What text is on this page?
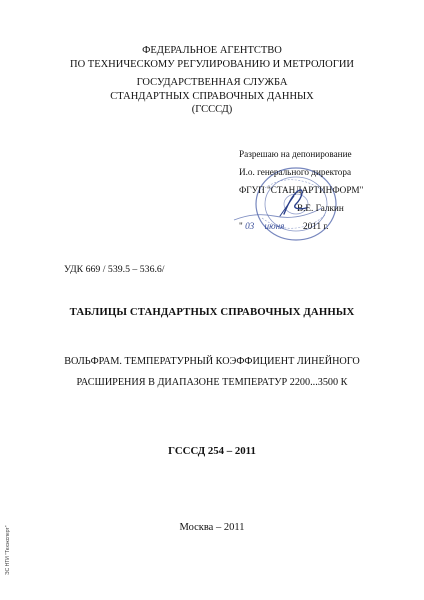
ФЕДЕРАЛЬНОЕ АГЕНТСТВО
ПО ТЕХНИЧЕСКОМУ РЕГУЛИРОВАНИЮ И МЕТРОЛОГИИ
ГОСУДАРСТВЕННАЯ СЛУЖБА
СТАНДАРТНЫХ СПРАВОЧНЫХ ДАННЫХ
(ГСССД)
Разрешаю на депонирование
И.о. генерального директора
ФГУП "СТАНДАРТИНФОРМ"
В.Е. Галкин
" 03 июня 2011 г.
УДК 669 / 539.5 – 536.6/
ТАБЛИЦЫ СТАНДАРТНЫХ СПРАВОЧНЫХ ДАННЫХ
ВОЛЬФРАМ. ТЕМПЕРАТУРНЫЙ КОЭФФИЦИЕНТ ЛИНЕЙНОГО
РАСШИРЕНИЯ В ДИАПАЗОНЕ ТЕМПЕРАТУР 2200...3500 К
ГСССД 254 – 2011
Москва – 2011
ЭС НТИ "Техэксперт"
